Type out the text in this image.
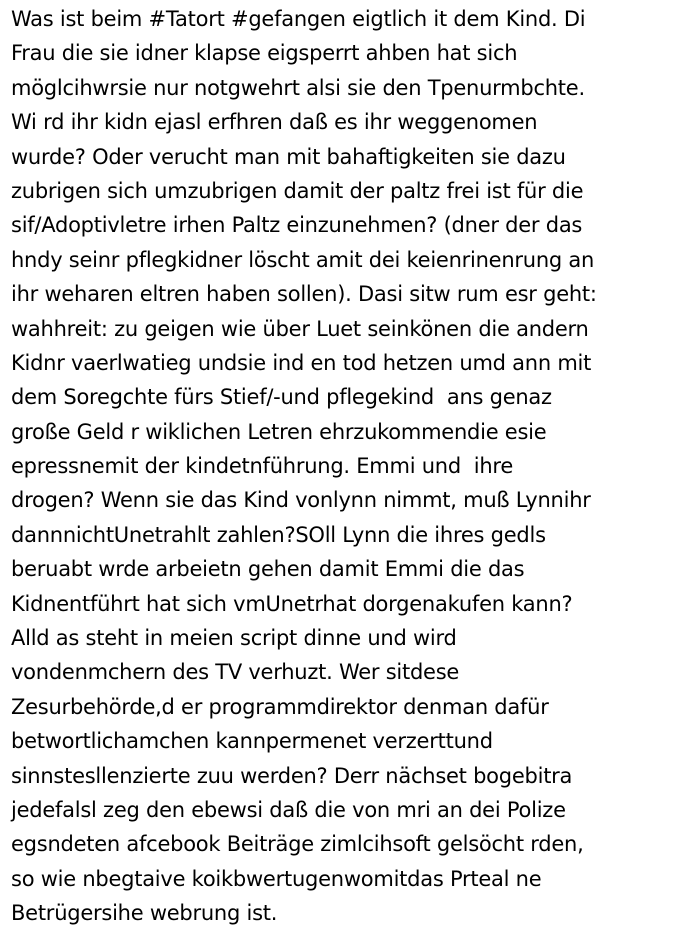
Was ist beim #Tatort #gefangen eigtlich it dem Kind. Di
Frau die sie idner klapse eigsperrt ahben hat sich
möglcihwrsie nur notgwehrt alsi sie den Tpenurmbchte.
Wi rd ihr kidn ejasl erfhren daß es ihr weggenomen
wurde? Oder verucht man mit bahaftigkeiten sie dazu
zubrigen sich umzubrigen damit der paltz frei ist für die
sif/Adoptivletre irhen Paltz einzunehmen? (dner der das
hndy seinr pflegkidner löscht amit dei keienrinenrung an
ihr weharen eltren haben sollen). Dasi sitw rum esr geht:
wahhreit: zu geigen wie über Luet seinkönen die andern
Kidnr vaerlwatieg undsie ind en tod hetzen umd ann mit
dem Soregchte fürs Stief/-und pflegekind  ans genaz
große Geld r wiklichen Letren ehrzukommendie esie
epressnemit der kindetnführung. Emmi und  ihre
drogen? Wenn sie das Kind vonlynn nimmt, muß Lynnihr
dannnichtUnetrahlt zahlen?SOll Lynn die ihres gedls
beruabt wrde arbeietn gehen damit Emmi die das
Kidnentführt hat sich vmUnetrhat dorgenakufen kann?
Alld as steht in meien script dinne und wird
vondenmchern des TV verhuzt. Wer sitdese
Zesurbehörde,d er programmdirektor denman dafür
betwortlichamchen kannpermenet verzerttund
sinnstesllenzierte zuu werden? Derr nächset bogebitra
jedefalsl zeg den ebewsi daß die von mri an dei Polize
egsndeten afcebook Beiträge zimlcihsoft gelsöcht rden,
so wie nbegtaive koikbwertugenwomitdas Prteal ne
Betrügersihe webrung ist.
